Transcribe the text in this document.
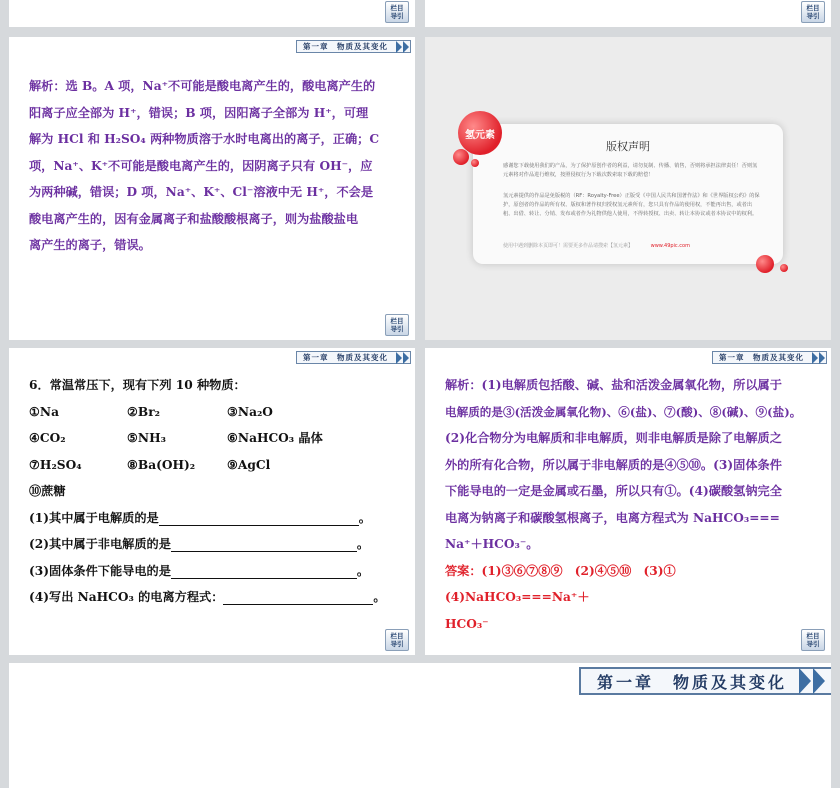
栏目
导引
栏目
导引
第一章　物质及其变化
解析：选 B。A 项，Na⁺不可能是酸电离产生的，酸电离产生的
阳离子应全部为 H⁺，错误；B 项，因阳离子全部为 H⁺，可理
解为 HCl 和 H₂SO₄ 两种物质溶于水时电离出的离子，正确；C
项，Na⁺、K⁺不可能是酸电离产生的，因阴离子只有 OH⁻，应
为两种碱，错误；D 项，Na⁺、K⁺、Cl⁻溶液中无 H⁺，不会是
酸电离产生的，因有金属离子和盐酸酸根离子，则为盐酸盐电
离产生的离子，错误。
栏目
导引
版权声明
感谢您下载使用我们的产品，为了保护原创作者的利益，请勿复制、传播、销售，否则将承担法律责任！否则氢元素将对作品进行维权，按照侵权行为下载次数索取下载的赔偿！
氢元素提供的作品是免版税的（RF：Royalty-Free）正版受《中国人民共和国著作法》和《世界版权公约》的保护，原创者的作品的所有权、版权和著作权归授权氢元素所有，您只具有作品的使用权，不能再出售，或者出租、出借、转让、分销、发布或者作为礼物供他人使用，不得转授权、出卖、转让本协议或者本协议中的权利。
使用中遇到删除本页即可！需要更多作品请搜索【氢元素】	www.49pic.com
氢元素
第一章　物质及其变化
6．常温常压下，现有下列 10 种物质：
①Na	②Br₂	③Na₂O
④CO₂	⑤NH₃	⑥NaHCO₃ 晶体
⑦H₂SO₄	⑧Ba(OH)₂	⑨AgCl
⑩蔗糖
(1)其中属于电解质的是	。
(2)其中属于非电解质的是	。
(3)固体条件下能导电的是	。
(4)写出 NaHCO₃ 的电离方程式：	。
栏目
导引
第一章　物质及其变化
解析：(1)电解质包括酸、碱、盐和活泼金属氧化物，所以属于
电解质的是③(活泼金属氧化物)、⑥(盐)、⑦(酸)、⑧(碱)、⑨(盐)。
(2)化合物分为电解质和非电解质，则非电解质是除了电解质之
外的所有化合物，所以属于非电解质的是④⑤⑩。(3)固体条件
下能导电的一定是金属或石墨，所以只有①。(4)碳酸氢钠完全
电离为钠离子和碳酸氢根离子，电离方程式为 NaHCO₃===
Na⁺＋HCO₃⁻。
答案：(1)③⑥⑦⑧⑨　(2)④⑤⑩　(3)①　(4)NaHCO₃===Na⁺＋
HCO₃⁻
栏目
导引
第一章　物质及其变化
